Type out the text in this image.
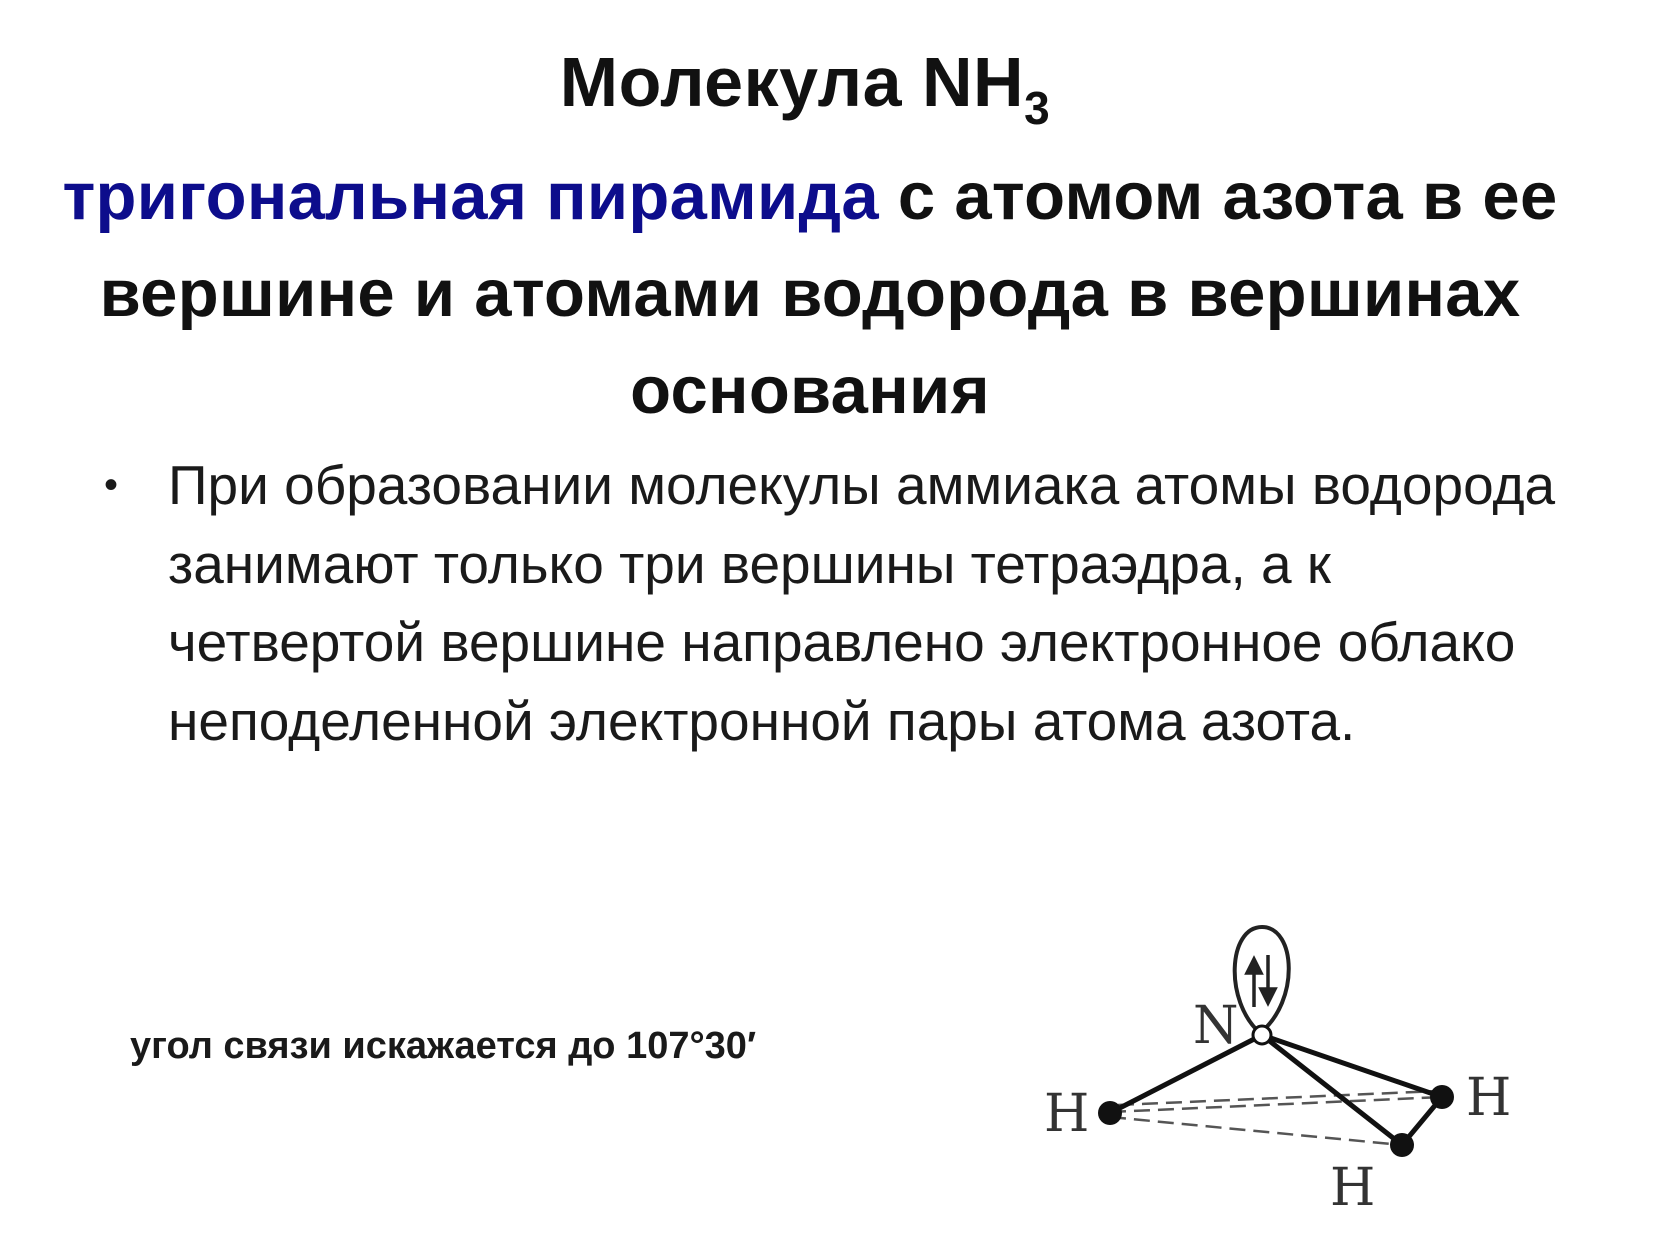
Молекула $NH_3$
тригональная пирамида с атомом азота в ее вершине и атомами водорода в вершинах основания
• При образовании молекулы аммиака атомы водорода занимают только три вершины тетраэдра, а к четвертой вершине направлено электронное облако неподеленной электронной пары атома азота.
угол связи искажается до 107°30′	N
H	H
H
